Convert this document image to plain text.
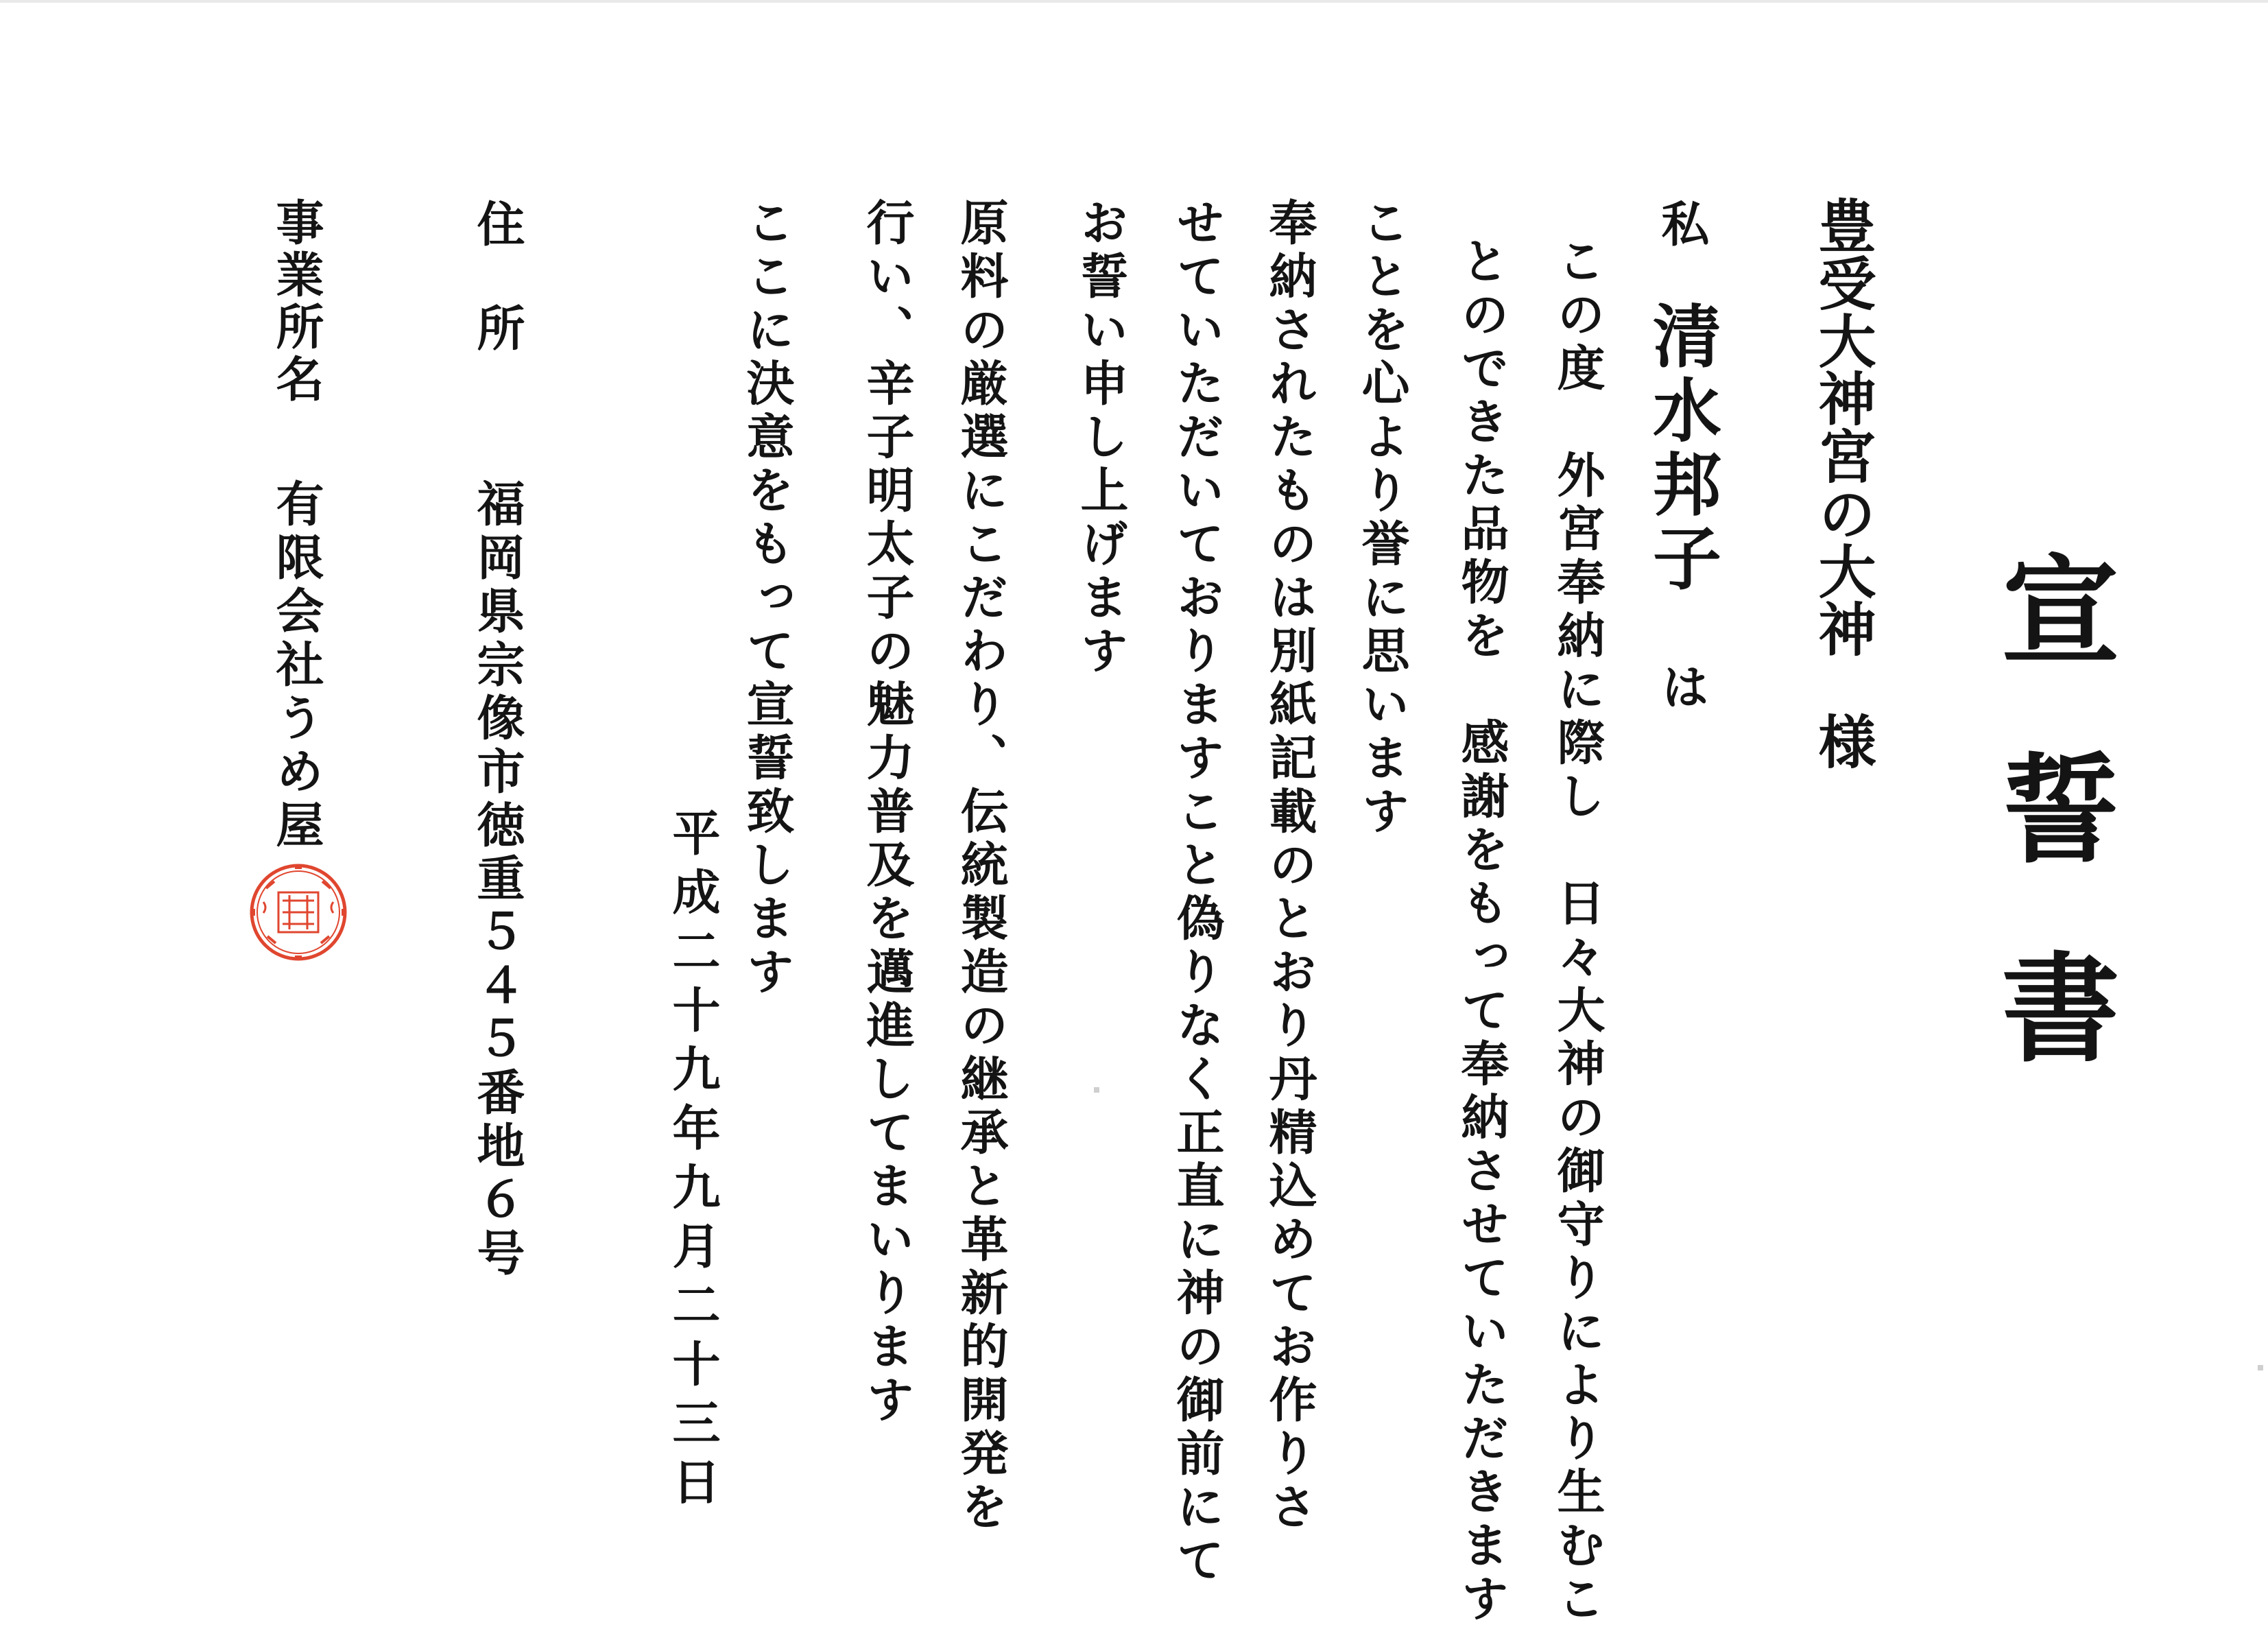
宣誓書
豊受大神宮の大神様
私清水邦子は
この度　外宮奉納に際し　日々大神の御守りにより生むこ
とのできた品物を　感謝をもって奉納させていただきます
ことを心より誉に思います
奉納されたものは別紙記載のとおり丹精込めてお作りさ
せていただいておりますこと偽りなく正直に神の御前にて
お誓い申し上げます
原料の厳選にこだわり、伝統製造の継承と革新的開発を
行い、辛子明太子の魅力普及を邁進してまいります
ここに決意をもって宣誓致します
平成二十九年九月二十三日
住　所
福岡県宗像市徳重５４５番地６号
事業所名
有限会社うめ屋
